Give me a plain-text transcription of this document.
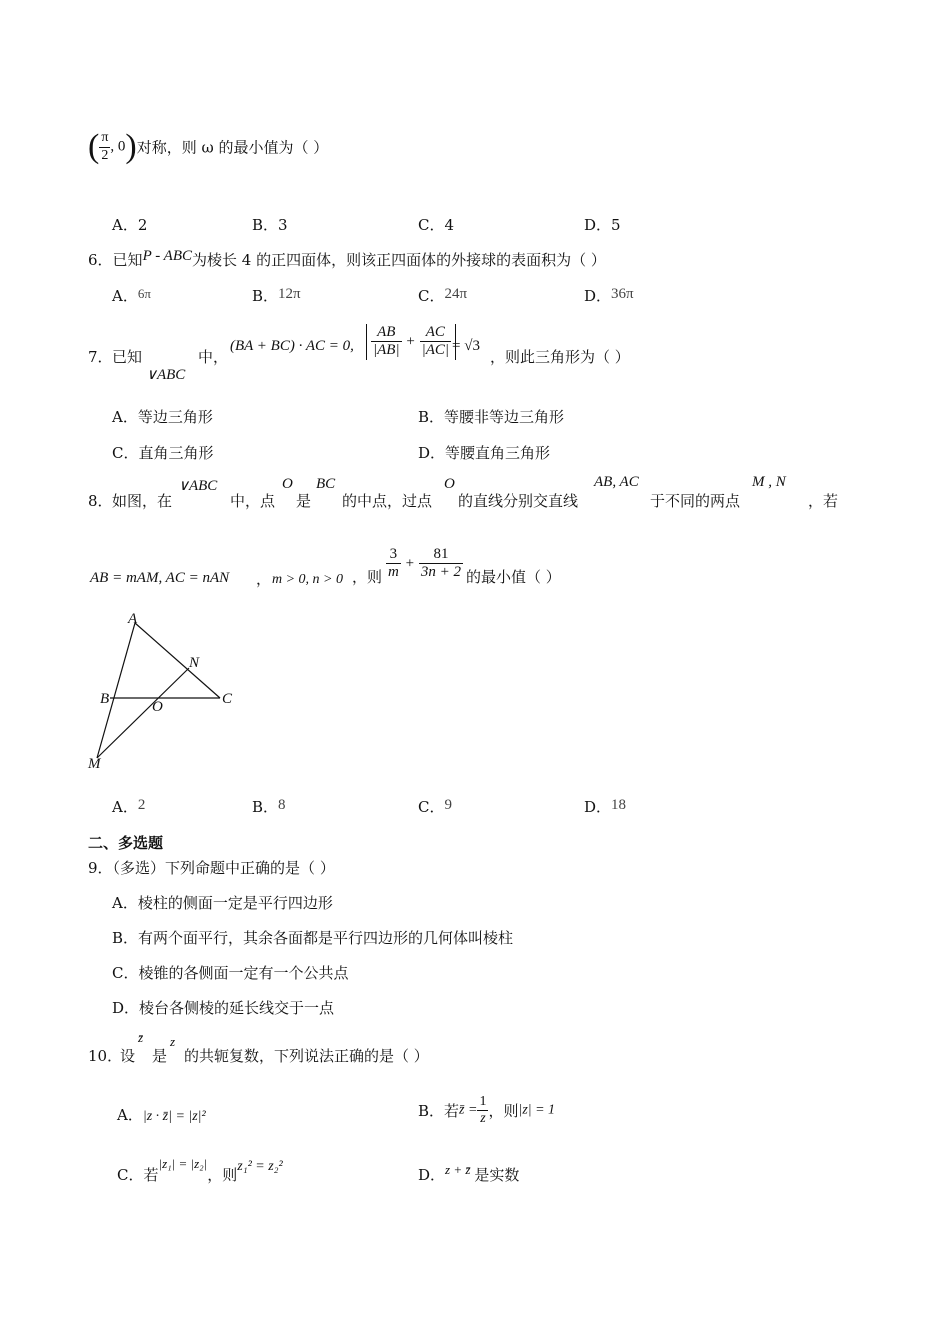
( $\frac{\pi}{2}$ , 0)对称，则 ω 的最小值为（ ）
A．2	B．3	C．4	D．5
6．已知P - ABC为棱长 4 的正四面体，则该正四面体的外接球的表面积为（ ）
A．6π	B．12π	C．24π	D．36π
7． 已知
∨ABC
中，
(BA + BC) · AC = 0, $\frac{AB}{|AB|} + \frac{AC}{|AC|} = √3$
，则此三角形为（ ）
A．等边三角形	B．等腰非等边三角形
C．直角三角形	D．等腰直角三角形
8． 如图，在
∨ABC
中，点
O
是
BC
的中点，过点
O
的直线分别交直线
AB, AC
于不同的两点
M , N
，若
AB = mAM, AC = nAN ， m > 0, n > 0 ，则 $\frac{3}{m} + \frac{81}{3n + 2}$ 的最小值（ ）
A
N
B	C
O
M
A．2	B．8	C．9	D．18
二、多选题
9．（多选）下列命题中正确的是（ ）
A．棱柱的侧面一定是平行四边形
B．有两个面平行，其余各面都是平行四边形的几何体叫棱柱
C．棱锥的各侧面一定有一个公共点
D．棱台各侧棱的延长线交于一点
10．
设
z̄
是
z
的共轭复数，下列说法正确的是（ ）
A．|z · z̄| = |z|²	B．若z̄ = $\frac{1}{z}$ ，则|z| = 1
C．若|z₁| = |z₂|，则z₁² = z₂²	D．z + z̄ 是实数
